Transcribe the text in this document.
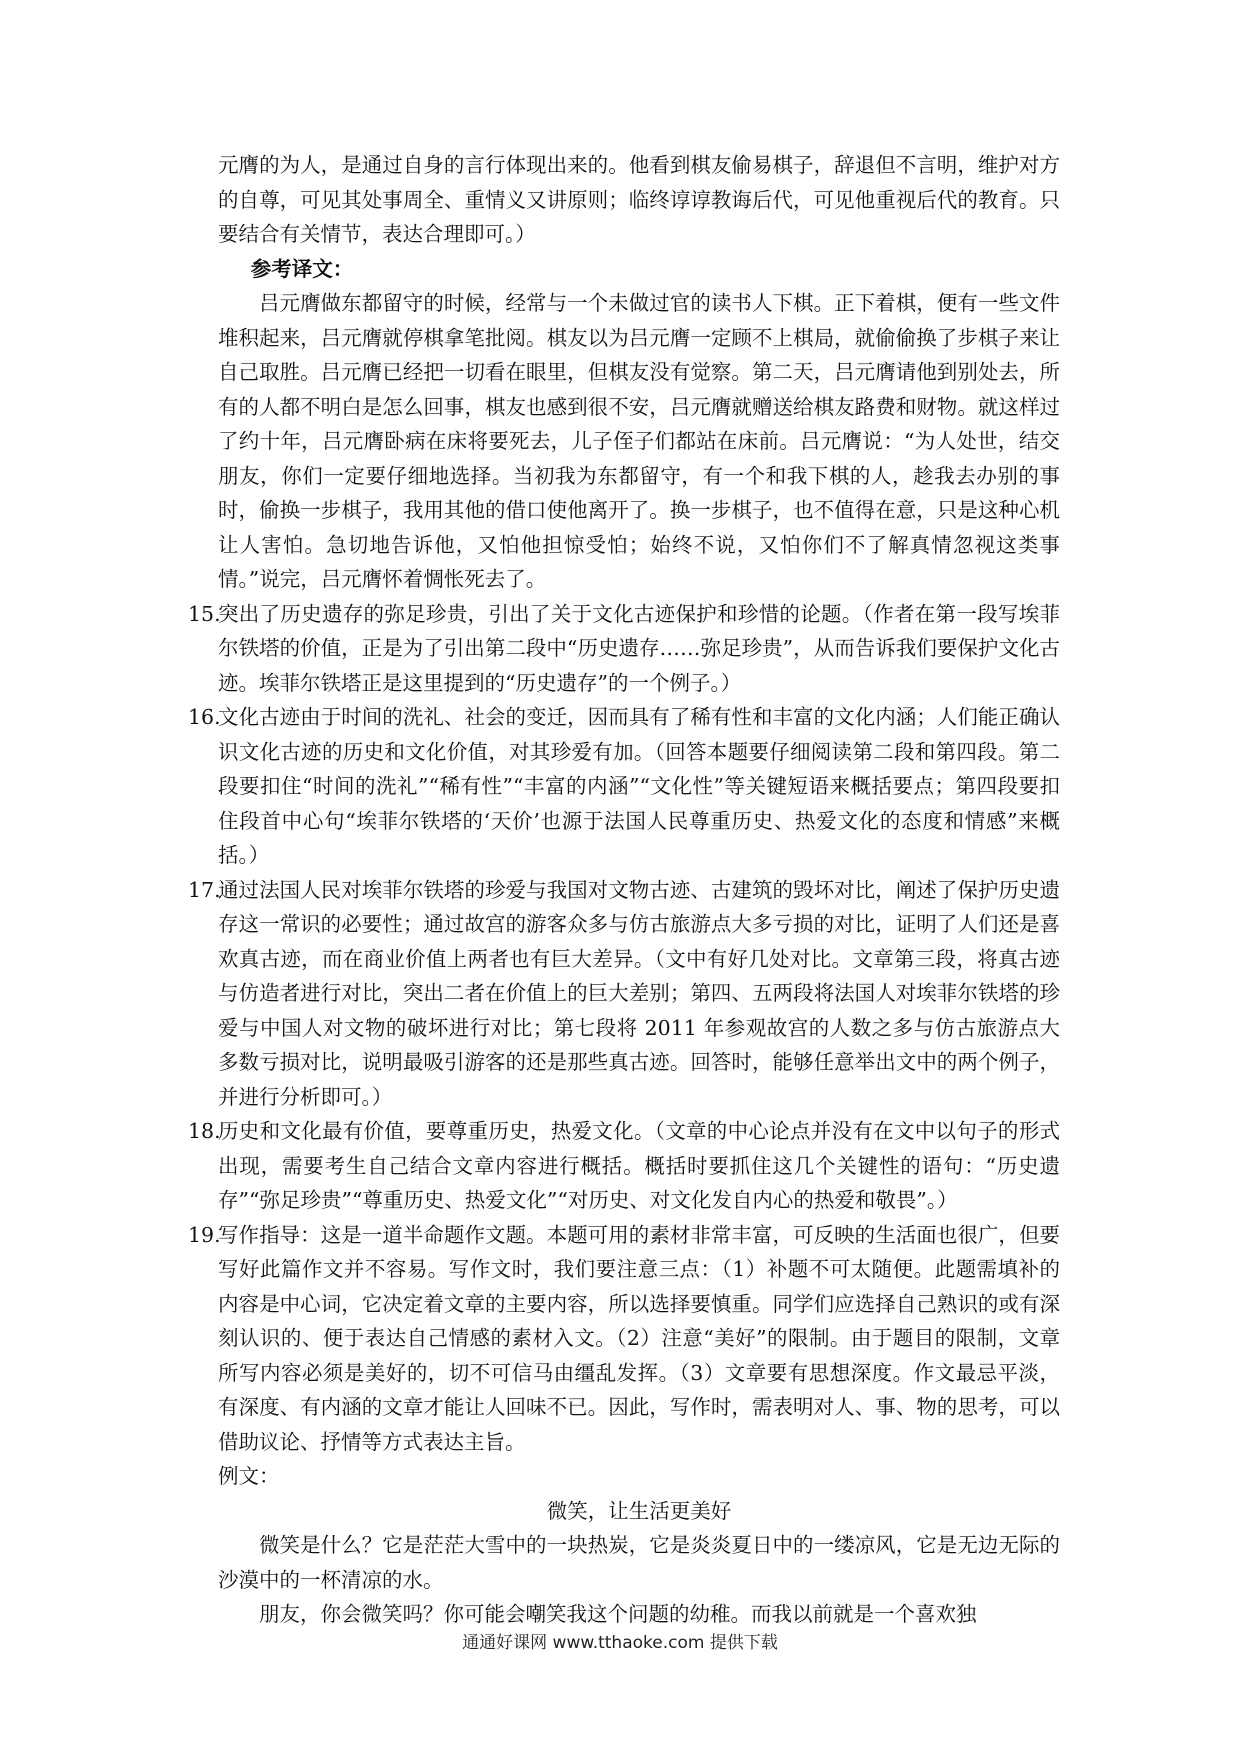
元膺的为人，是通过自身的言行体现出来的。他看到棋友偷易棋子，辞退但不言明，维护对方的自尊，可见其处事周全、重情义又讲原则；临终谆谆教诲后代，可见他重视后代的教育。只要结合有关情节，表达合理即可。）

参考译文：

吕元膺做东都留守的时候，经常与一个未做过官的读书人下棋。正下着棋，便有一些文件堆积起来，吕元膺就停棋拿笔批阅。棋友以为吕元膺一定顾不上棋局，就偷偷换了步棋子来让自己取胜。吕元膺已经把一切看在眼里，但棋友没有觉察。第二天，吕元膺请他到别处去，所有的人都不明白是怎么回事，棋友也感到很不安，吕元膺就赠送给棋友路费和财物。就这样过了约十年，吕元膺卧病在床将要死去，儿子侄子们都站在床前。吕元膺说：“为人处世，结交朋友，你们一定要仔细地选择。当初我为东都留守，有一个和我下棋的人，趁我去办别的事时，偷换一步棋子，我用其他的借口使他离开了。换一步棋子，也不值得在意，只是这种心机让人害怕。急切地告诉他，又怕他担惊受怕；始终不说，又怕你们不了解真情忽视这类事情。”说完，吕元膺怀着惆怅死去了。

15.

突出了历史遗存的弥足珍贵，引出了关于文化古迹保护和珍惜的论题。（作者在第一段写埃菲尔铁塔的价值，正是为了引出第二段中“历史遗存……弥足珍贵”，从而告诉我们要保护文化古迹。埃菲尔铁塔正是这里提到的“历史遗存”的一个例子。）

16.

文化古迹由于时间的洗礼、社会的变迁，因而具有了稀有性和丰富的文化内涵；人们能正确认识文化古迹的历史和文化价值，对其珍爱有加。（回答本题要仔细阅读第二段和第四段。第二段要扣住“时间的洗礼”“稀有性”“丰富的内涵”“文化性”等关键短语来概括要点；第四段要扣住段首中心句“埃菲尔铁塔的‘天价’也源于法国人民尊重历史、热爱文化的态度和情感”来概括。）

17.

通过法国人民对埃菲尔铁塔的珍爱与我国对文物古迹、古建筑的毁坏对比，阐述了保护历史遗存这一常识的必要性；通过故宫的游客众多与仿古旅游点大多亏损的对比，证明了人们还是喜欢真古迹，而在商业价值上两者也有巨大差异。（文中有好几处对比。文章第三段，将真古迹与仿造者进行对比，突出二者在价值上的巨大差别；第四、五两段将法国人对埃菲尔铁塔的珍爱与中国人对文物的破坏进行对比；第七段将 2011 年参观故宫的人数之多与仿古旅游点大多数亏损对比，说明最吸引游客的还是那些真古迹。回答时，能够任意举出文中的两个例子，并进行分析即可。）

18.

历史和文化最有价值，要尊重历史，热爱文化。（文章的中心论点并没有在文中以句子的形式出现，需要考生自己结合文章内容进行概括。概括时要抓住这几个关键性的语句：“历史遗存”“弥足珍贵”“尊重历史、热爱文化”“对历史、对文化发自内心的热爱和敬畏”。）

19.

写作指导：这是一道半命题作文题。本题可用的素材非常丰富，可反映的生活面也很广，但要写好此篇作文并不容易。写作文时，我们要注意三点：（1）补题不可太随便。此题需填补的内容是中心词，它决定着文章的主要内容，所以选择要慎重。同学们应选择自己熟识的或有深刻认识的、便于表达自己情感的素材入文。（2）注意“美好”的限制。由于题目的限制，文章所写内容必须是美好的，切不可信马由缰乱发挥。（3）文章要有思想深度。作文最忌平淡，有深度、有内涵的文章才能让人回味不已。因此，写作时，需表明对人、事、物的思考，可以借助议论、抒情等方式表达主旨。

例文：

微笑，让生活更美好

微笑是什么？它是茫茫大雪中的一块热炭，它是炎炎夏日中的一缕凉风，它是无边无际的沙漠中的一杯清凉的水。

朋友，你会微笑吗？你可能会嘲笑我这个问题的幼稚。而我以前就是一个喜欢独

通通好课网 www.tthaoke.com 提供下载
